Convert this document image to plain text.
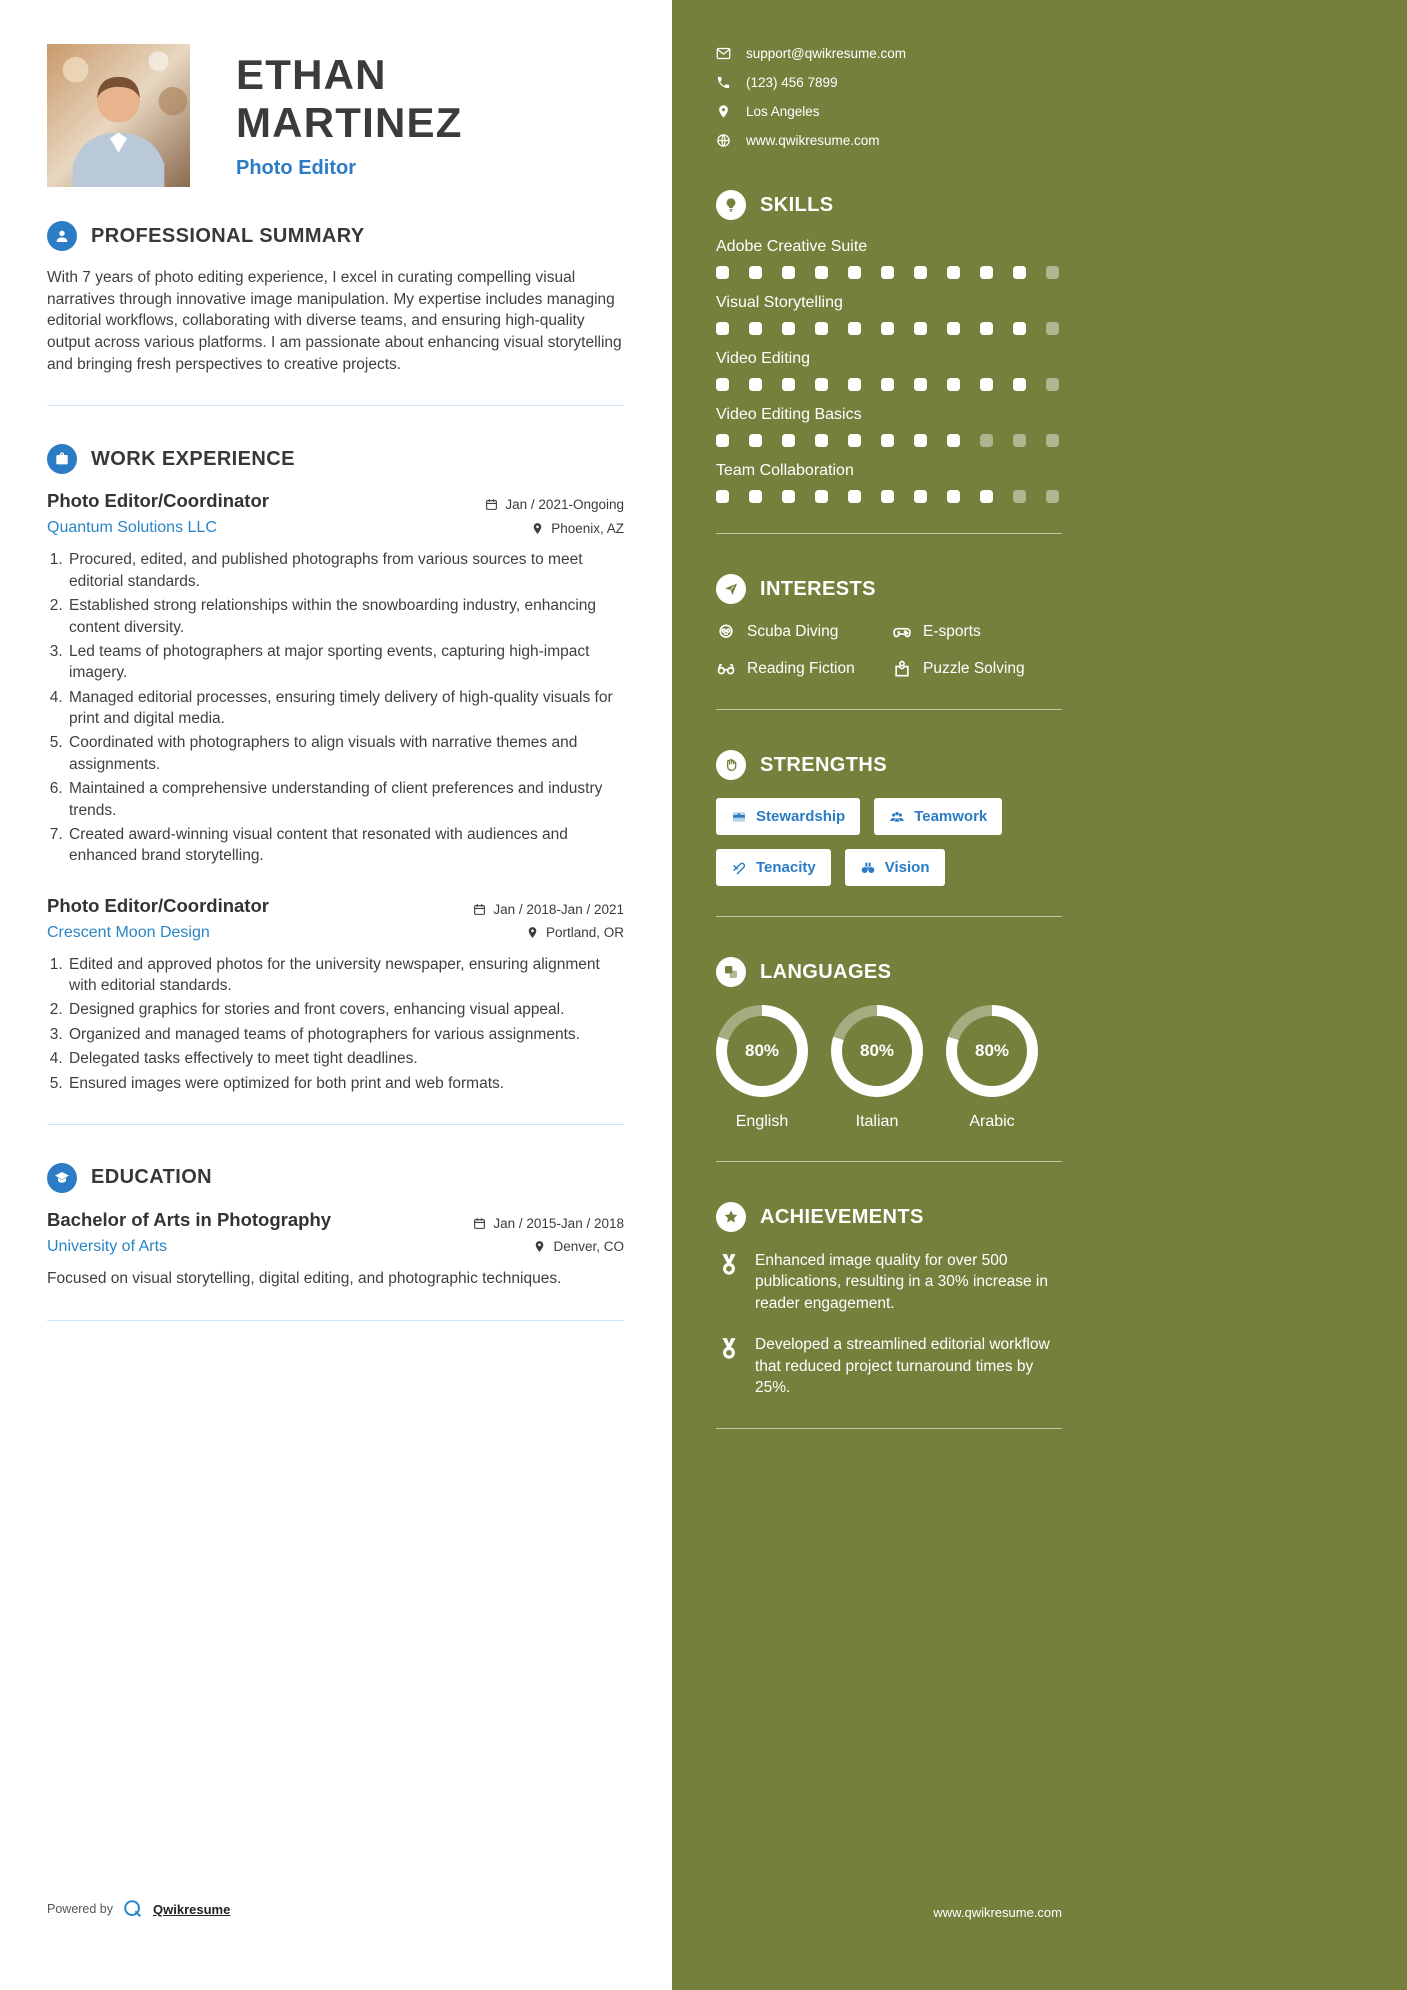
ETHAN MARTINEZ
Photo Editor
PROFESSIONAL SUMMARY

With 7 years of photo editing experience, I excel in curating compelling visual narratives through innovative image manipulation. My expertise includes managing editorial workflows, collaborating with diverse teams, and ensuring high-quality output across various platforms. I am passionate about enhancing visual storytelling and bringing fresh perspectives to creative projects.

WORK EXPERIENCE
Photo Editor/Coordinator	Jan / 2021-Ongoing
Quantum Solutions LLC	Phoenix, AZ
1. Procured, edited, and published photographs from various sources to meet editorial standards.
2. Established strong relationships within the snowboarding industry, enhancing content diversity.
3. Led teams of photographers at major sporting events, capturing high-impact imagery.
4. Managed editorial processes, ensuring timely delivery of high-quality visuals for print and digital media.
5. Coordinated with photographers to align visuals with narrative themes and assignments.
6. Maintained a comprehensive understanding of client preferences and industry trends.
7. Created award-winning visual content that resonated with audiences and enhanced brand storytelling.
Photo Editor/Coordinator	Jan / 2018-Jan / 2021
Crescent Moon Design	Portland, OR
1. Edited and approved photos for the university newspaper, ensuring alignment with editorial standards.
2. Designed graphics for stories and front covers, enhancing visual appeal.
3. Organized and managed teams of photographers for various assignments.
4. Delegated tasks effectively to meet tight deadlines.
5. Ensured images were optimized for both print and web formats.
EDUCATION
Bachelor of Arts in Photography	Jan / 2015-Jan / 2018
University of Arts	Denver, CO

Focused on visual storytelling, digital editing, and photographic techniques.

Powered by	Qwikresume
support@qwikresume.com
(123) 456 7899
Los Angeles
www.qwikresume.com
SKILLS
Adobe Creative Suite
Visual Storytelling
Video Editing
Video Editing Basics
Team Collaboration
INTERESTS
Scuba Diving	E-sports
Reading Fiction	Puzzle Solving
STRENGTHS
Stewardship	Teamwork
Tenacity	Vision
LANGUAGES
80%
English
80%
Italian
80%
Arabic
ACHIEVEMENTS
Enhanced image quality for over 500 publications, resulting in a 30% increase in reader engagement.
Developed a streamlined editorial workflow that reduced project turnaround times by 25%.
www.qwikresume.com
